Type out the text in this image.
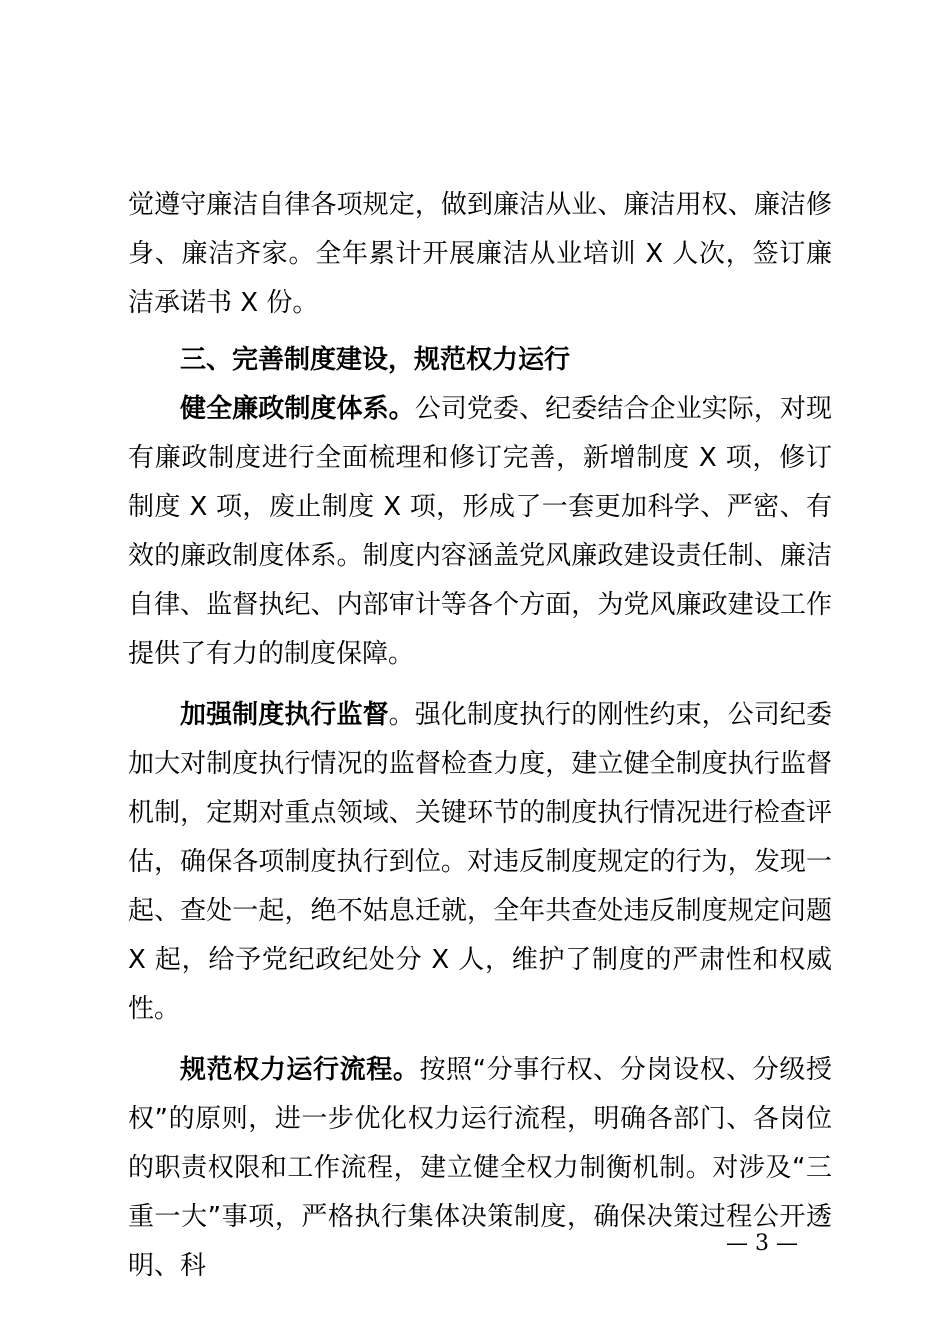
觉遵守廉洁自律各项规定，做到廉洁从业、廉洁用权、廉洁修身、廉洁齐家。全年累计开展廉洁从业培训 X 人次，签订廉洁承诺书 X 份。

三、完善制度建设，规范权力运行

健全廉政制度体系。公司党委、纪委结合企业实际，对现有廉政制度进行全面梳理和修订完善，新增制度 X 项，修订制度 X 项，废止制度 X 项，形成了一套更加科学、严密、有效的廉政制度体系。制度内容涵盖党风廉政建设责任制、廉洁自律、监督执纪、内部审计等各个方面，为党风廉政建设工作提供了有力的制度保障。

加强制度执行监督。强化制度执行的刚性约束，公司纪委加大对制度执行情况的监督检查力度，建立健全制度执行监督机制，定期对重点领域、关键环节的制度执行情况进行检查评估，确保各项制度执行到位。对违反制度规定的行为，发现一起、查处一起，绝不姑息迁就，全年共查处违反制度规定问题 X 起，给予党纪政纪处分 X 人，维护了制度的严肃性和权威性。

规范权力运行流程。按照“分事行权、分岗设权、分级授权”的原则，进一步优化权力运行流程，明确各部门、各岗位的职责权限和工作流程，建立健全权力制衡机制。对涉及“三重一大”事项，严格执行集体决策制度，确保决策过程公开透明、科

— 3 —
